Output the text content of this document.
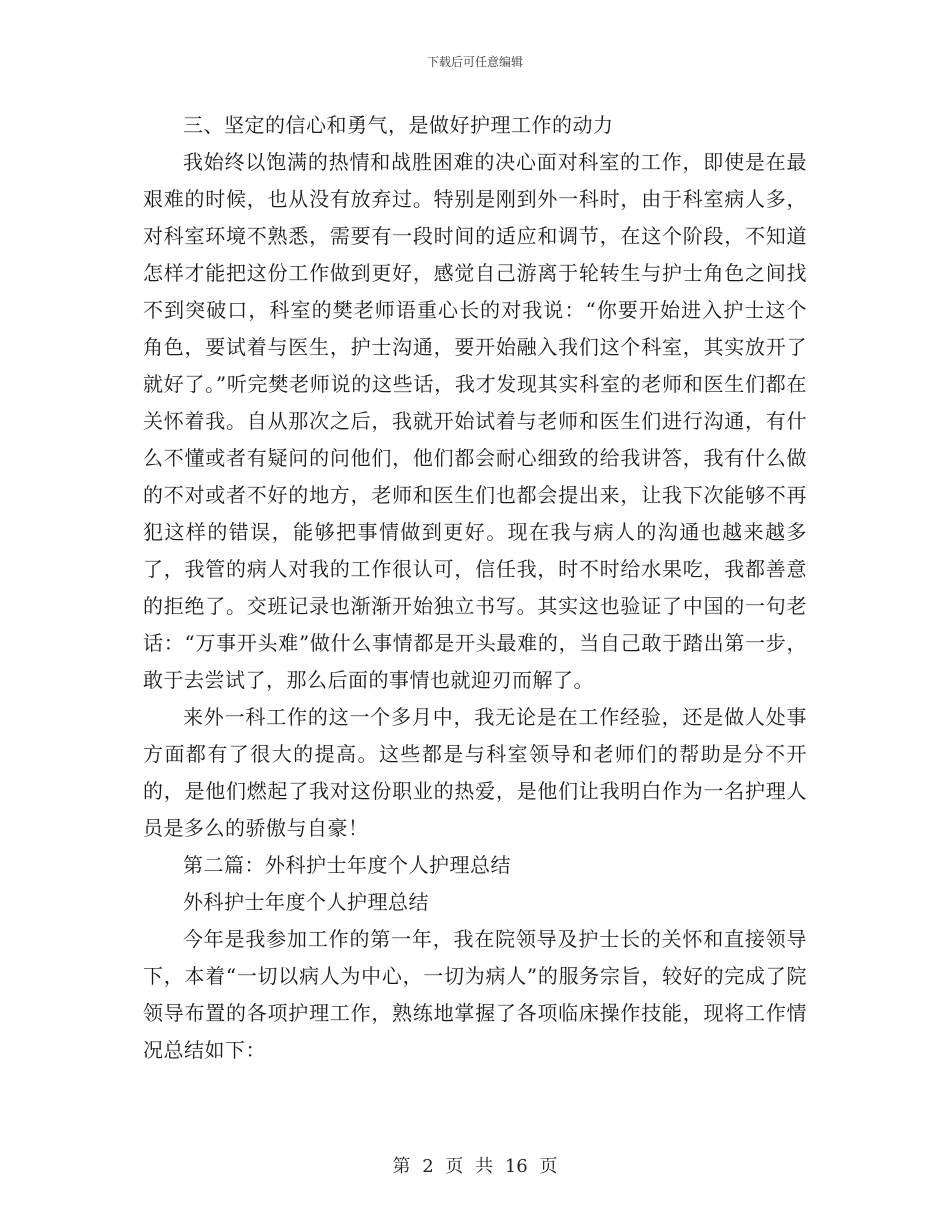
下载后可任意编辑

三、坚定的信心和勇气，是做好护理工作的动力

我始终以饱满的热情和战胜困难的决心面对科室的工作，即使是在最艰难的时候，也从没有放弃过。特别是刚到外一科时，由于科室病人多，对科室环境不熟悉，需要有一段时间的适应和调节，在这个阶段，不知道怎样才能把这份工作做到更好，感觉自己游离于轮转生与护士角色之间找不到突破口，科室的樊老师语重心长的对我说：“你要开始进入护士这个角色，要试着与医生，护士沟通，要开始融入我们这个科室，其实放开了就好了。”听完樊老师说的这些话，我才发现其实科室的老师和医生们都在关怀着我。自从那次之后，我就开始试着与老师和医生们进行沟通，有什么不懂或者有疑问的问他们，他们都会耐心细致的给我讲答，我有什么做的不对或者不好的地方，老师和医生们也都会提出来，让我下次能够不再犯这样的错误，能够把事情做到更好。现在我与病人的沟通也越来越多了，我管的病人对我的工作很认可，信任我，时不时给水果吃，我都善意的拒绝了。交班记录也渐渐开始独立书写。其实这也验证了中国的一句老话：“万事开头难”做什么事情都是开头最难的，当自己敢于踏出第一步，敢于去尝试了，那么后面的事情也就迎刃而解了。

来外一科工作的这一个多月中，我无论是在工作经验，还是做人处事方面都有了很大的提高。这些都是与科室领导和老师们的帮助是分不开的，是他们燃起了我对这份职业的热爱，是他们让我明白作为一名护理人员是多么的骄傲与自豪！

第二篇：外科护士年度个人护理总结

外科护士年度个人护理总结

今年是我参加工作的第一年，我在院领导及护士长的关怀和直接领导下，本着“一切以病人为中心，一切为病人”的服务宗旨，较好的完成了院领导布置的各项护理工作，熟练地掌握了各项临床操作技能，现将工作情况总结如下：

第 2 页 共 16 页
